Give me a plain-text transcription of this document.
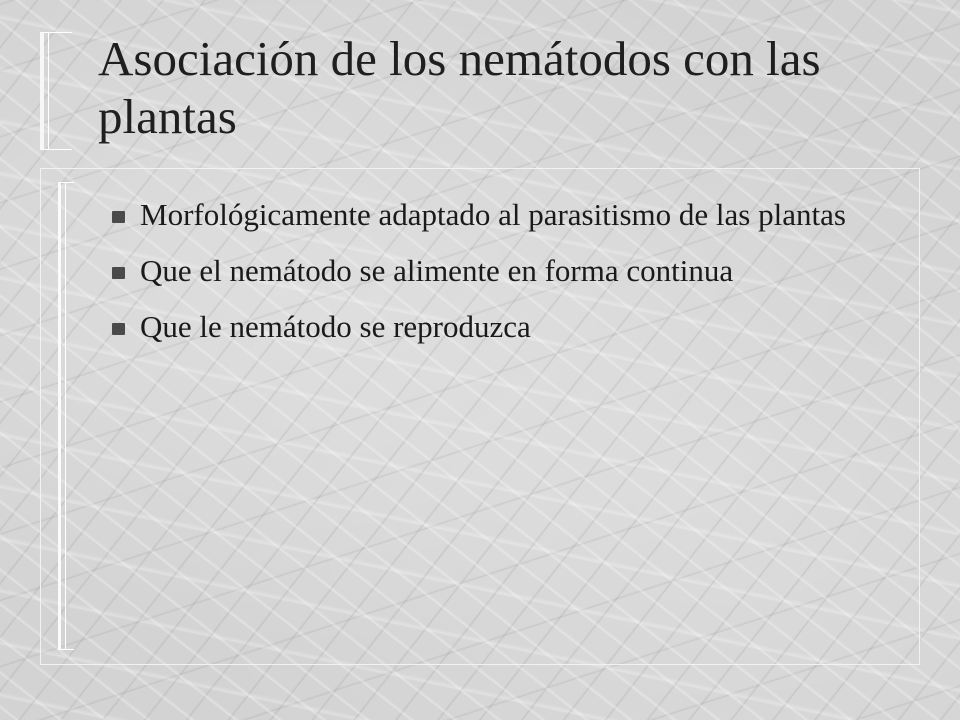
Asociación de los nemátodos con las plantas
Morfológicamente adaptado al parasitismo de las plantas
Que el nemátodo se alimente en forma continua
Que le nemátodo se reproduzca
